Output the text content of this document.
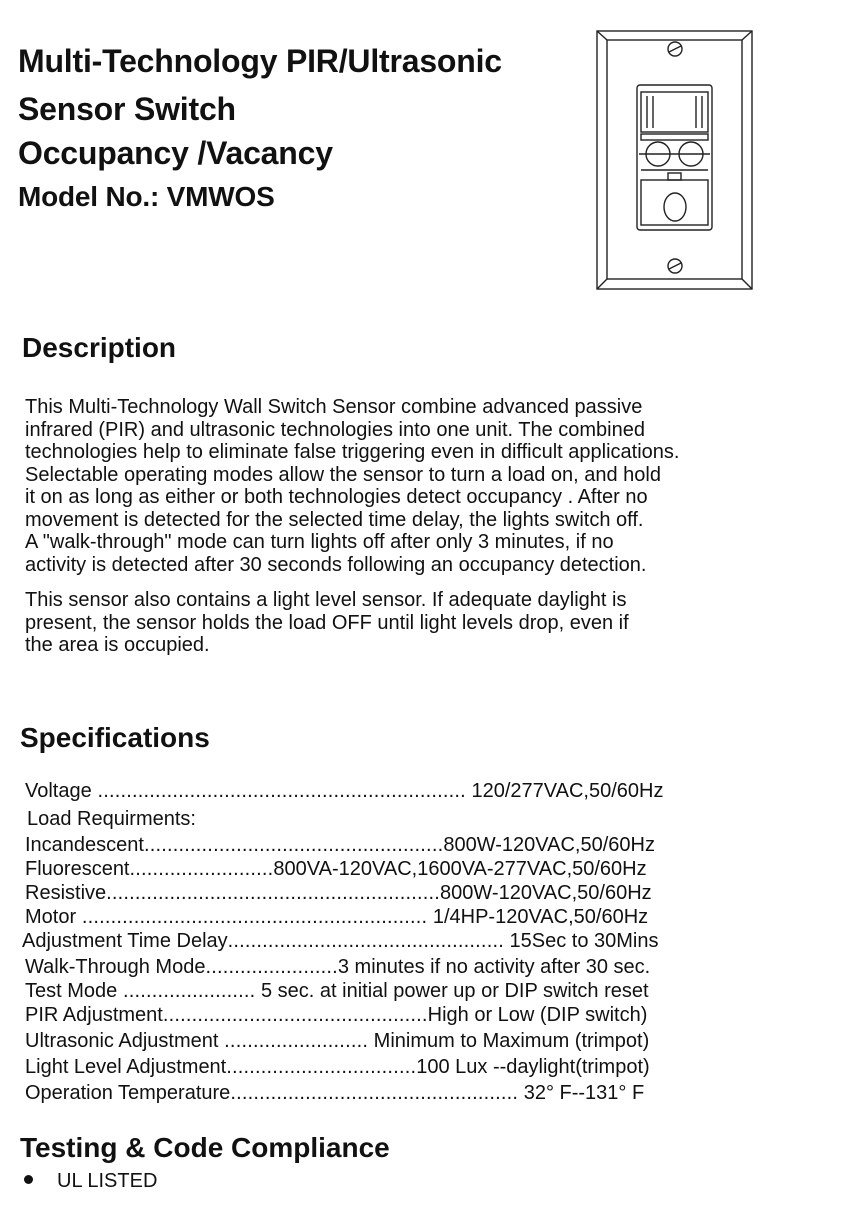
Multi-Technology PIR/Ultrasonic
Sensor Switch
Occupancy /Vacancy
Model No.: VMWOS
Description
This Multi-Technology Wall Switch Sensor combine advanced passive
infrared (PIR) and ultrasonic technologies into one unit. The combined
technologies help to eliminate false triggering even in difficult applications.
Selectable operating modes allow the sensor to turn a load on, and hold
it on as long as either or both technologies detect occupancy . After no
movement is detected for the selected time delay, the lights switch off.
A "walk-through" mode can turn lights off after only 3 minutes, if no
activity is detected after 30 seconds following an occupancy detection.
This sensor also contains a light level sensor. If adequate daylight is
present, the sensor holds the load OFF until light levels drop, even if
the area is occupied.
Specifications
Voltage ................................................................ 120/277VAC,50/60Hz
Load Requirments:
Incandescent....................................................800W-120VAC,50/60Hz
Fluorescent.........................800VA-120VAC,1600VA-277VAC,50/60Hz
Resistive..........................................................800W-120VAC,50/60Hz
Motor ............................................................ 1/4HP-120VAC,50/60Hz
Adjustment Time Delay................................................ 15Sec to 30Mins
Walk-Through Mode.......................3 minutes if no activity after 30 sec.
Test Mode ....................... 5 sec. at initial power up or DIP switch reset
PIR Adjustment..............................................High or Low (DIP switch)
Ultrasonic Adjustment ......................... Minimum to Maximum (trimpot)
Light Level Adjustment.................................100 Lux --daylight(trimpot)
Operation Temperature.................................................. 32° F--131° F
Testing & Code Compliance
UL LISTED
